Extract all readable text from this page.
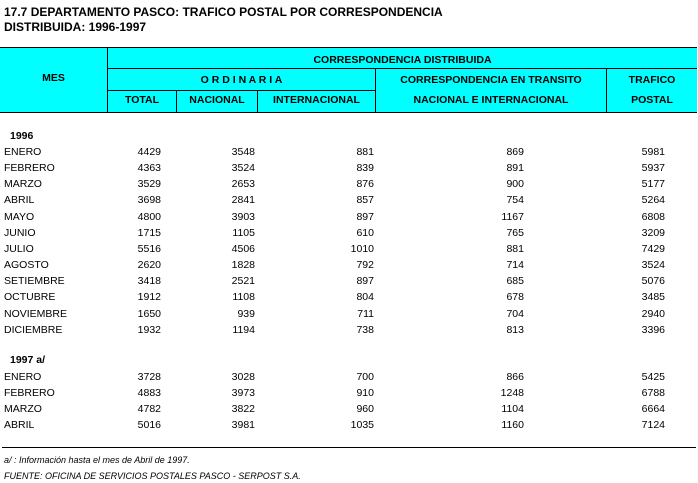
17.7 DEPARTAMENTO PASCO: TRAFICO POSTAL POR CORRESPONDENCIA
DISTRIBUIDA: 1996-1997
MES
CORRESPONDENCIA DISTRIBUIDA
O R D I N A R I A	CORRESPONDENCIA EN TRANSITO	TRAFICO
TOTAL	NACIONAL	INTERNACIONAL	NACIONAL E INTERNACIONAL	POSTAL
1996
ENERO	4429	3548	881	869	5981
FEBRERO	4363	3524	839	891	5937
MARZO	3529	2653	876	900	5177
ABRIL	3698	2841	857	754	5264
MAYO	4800	3903	897	1167	6808
JUNIO	1715	1105	610	765	3209
JULIO	5516	4506	1010	881	7429
AGOSTO	2620	1828	792	714	3524
SETIEMBRE	3418	2521	897	685	5076
OCTUBRE	1912	1108	804	678	3485
NOVIEMBRE	1650	939	711	704	2940
DICIEMBRE	1932	1194	738	813	3396
1997 a/
ENERO	3728	3028	700	866	5425
FEBRERO	4883	3973	910	1248	6788
MARZO	4782	3822	960	1104	6664
ABRIL	5016	3981	1035	1160	7124
a/ : Información hasta el mes de Abril de 1997.
FUENTE: OFICINA DE SERVICIOS POSTALES PASCO - SERPOST S.A.
